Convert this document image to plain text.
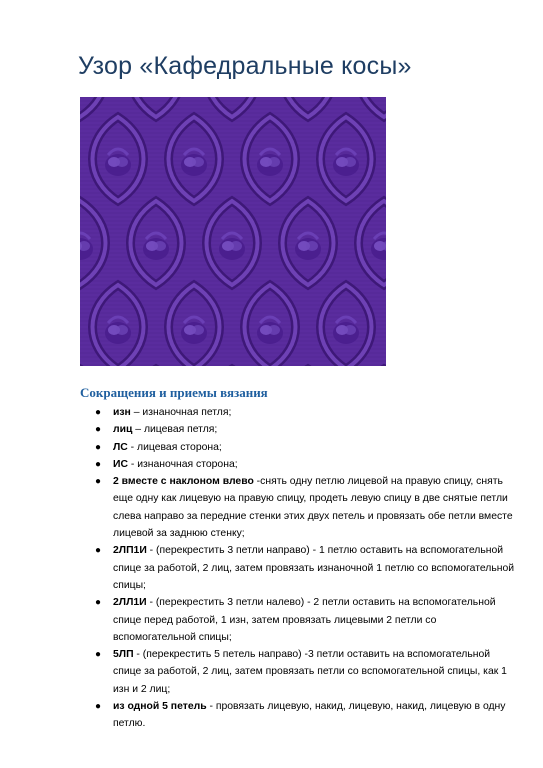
Узор «Кафедральные косы»
Сокращения и приемы вязания
● изн – изнаночная петля;
● лиц – лицевая петля;
● ЛС - лицевая сторона;
● ИС - изнаночная сторона;
● 2 вместе с наклоном влево -снять одну петлю лицевой на правую спицу, снять еще одну как лицевую на правую спицу, продеть левую спицу в две снятые петли слева направо за передние стенки этих двух петель и провязать обе петли вместе лицевой за заднюю стенку;
● 2ЛП1И - (перекрестить 3 петли направо) - 1 петлю оставить на вспомогательной спице за работой, 2 лиц, затем провязать изнаночной 1 петлю со вспомогательной спицы;
● 2ЛЛ1И - (перекрестить 3 петли налево) - 2 петли оставить на вспомогательной спице перед работой, 1 изн, затем провязать лицевыми 2 петли со вспомогательной спицы;
● 5ЛП - (перекрестить 5 петель направо) -3 петли оставить на вспомогательной спице за работой, 2 лиц, затем провязать петли со вспомогательной спицы, как 1 изн и 2 лиц;
● из одной 5 петель - провязать лицевую, накид, лицевую, накид, лицевую в одну петлю.
